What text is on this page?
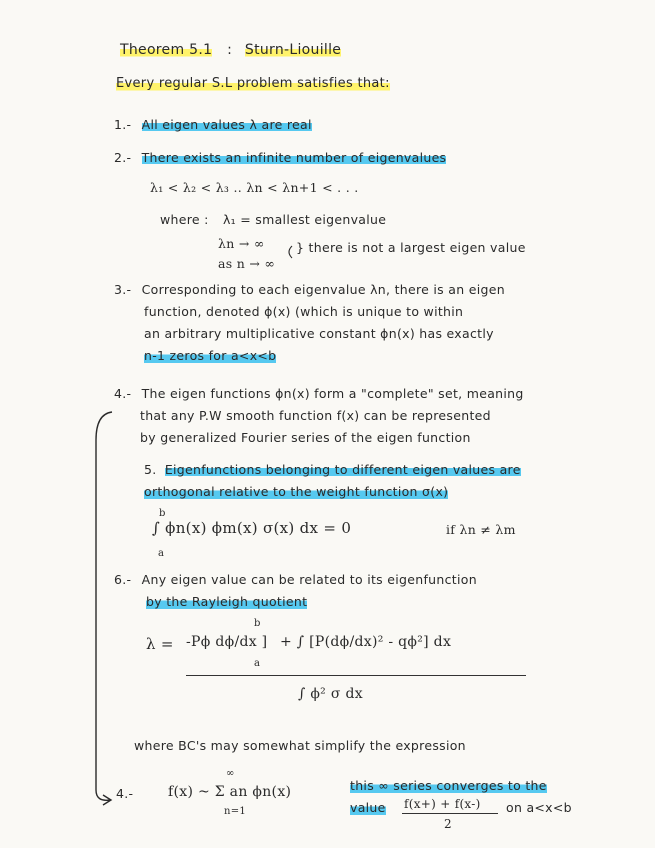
Theorem 5.1 : Sturn-Liouille

Every regular S.L problem satisfies that:

1.- All eigen values λ are real

2.- There exists an infinite number of eigenvalues

λ₁ < λ₂ < λ₃ .. λn < λn+1 < . . .

where : λ₁ = smallest eigenvalue

λn → ∞	} there is not a largest eigen value

as n → ∞

3.- Corresponding to each eigenvalue λn, there is an eigen

function, denoted ϕ(x) (which is unique to within

an arbitrary multiplicative constant ϕn(x) has exactly

n-1 zeros for a<x<b

4.- The eigen functions ϕn(x) form a "complete" set, meaning

that any P.W smooth function f(x) can be represented

by generalized Fourier series of the eigen function

5. Eigenfunctions belonging to different eigen values are

orthogonal relative to the weight function σ(x)

b

∫ ϕn(x) ϕm(x) σ(x) dx = 0

a

if λn ≠ λm

6.- Any eigen value can be related to its eigenfunction

by the Rayleigh quotient

λ = -Pϕ dϕ/dx ]

b

a

+ ∫ [P(dϕ/dx)² - qϕ²] dx

∫ ϕ² σ dx

where BC's may somewhat simplify the expression

4.-

∞

f(x) ~ Σ an ϕn(x)

n=1

this ∞ series converges to the

value f(x+) + f(x-)

2

on a<x<b
